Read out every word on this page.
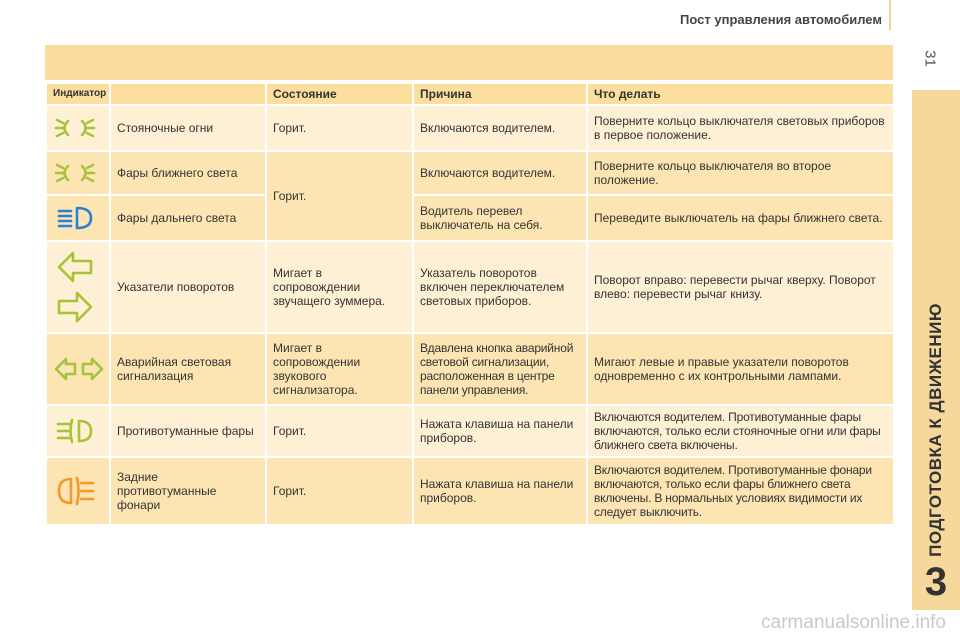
Пост управления автомобилем
31
ПОДГОТОВКА К ДВИЖЕНИЮ
3
Индикатор		Состояние	Причина	Что делать
	Стояночные огни	Горит.	Включаются водителем.	Поверните кольцо выключателя световых приборов в первое положение.
	Фары ближнего света	Горит.	Включаются водителем.	Поверните кольцо выключателя во второе положение.
	Фары дальнего света		Водитель перевел выключатель на себя.	Переведите выключатель на фары ближнего света.
	Указатели поворотов	Мигает в сопровождении звучащего зуммера.	Указатель поворотов включен переключателем световых приборов.	Поворот вправо: перевести рычаг кверху. Поворот влево: перевести рычаг книзу.
	Аварийная световая сигнализация	Мигает в сопровождении звукового сигнализатора.	Вдавлена кнопка аварийной световой сигнализации, расположенная в центре панели управления.	Мигают левые и правые указатели поворотов одновременно с их контрольными лампами.
	Противотуманные фары	Горит.	Нажата клавиша на панели приборов.	Включаются водителем. Противотуманные фары включаются, только если стояночные огни или фары ближнего света включены.
	Задние противотуманные фонари	Горит.	Нажата клавиша на панели приборов.	Включаются водителем. Противотуманные фонари включаются, только если фары ближнего света включены. В нормальных условиях видимости их следует выключить.
carmanualsonline.info
